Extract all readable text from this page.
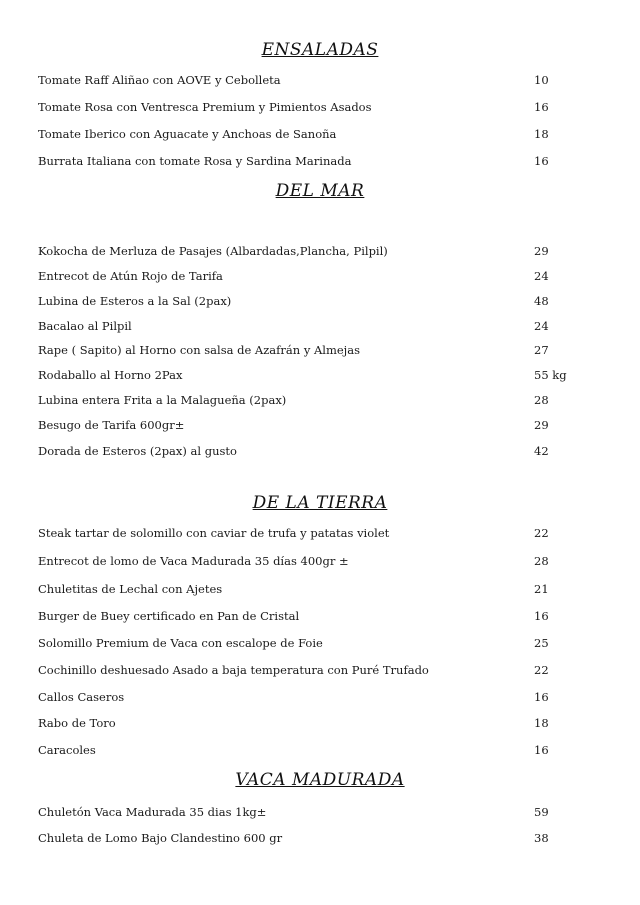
ENSALADAS
Tomate Raff Aliñao con AOVE y Cebolleta	10
Tomate Rosa con Ventresca Premium y Pimientos Asados	16
Tomate Iberico con Aguacate y Anchoas de Sanoña	18
Burrata Italiana con tomate Rosa y Sardina Marinada	16
DEL MAR
Kokocha de Merluza de Pasajes (Albardadas,Plancha, Pilpil)	29
Entrecot de Atún Rojo de Tarifa	24
Lubina de Esteros a la Sal (2pax)	48
Bacalao al Pilpil	24
Rape ( Sapito) al Horno con salsa de Azafrán y Almejas	27
Rodaballo al Horno 2Pax	55 kg
Lubina entera Frita a la Malagueña (2pax)	28
Besugo de Tarifa 600gr±	29
Dorada de Esteros (2pax) al gusto	42
DE LA TIERRA
Steak tartar de solomillo con caviar de trufa y patatas violet	22
Entrecot de lomo de Vaca Madurada 35 días 400gr ±	28
Chuletitas de Lechal con Ajetes	21
Burger de Buey certificado en Pan de Cristal	16
Solomillo Premium de Vaca con escalope de Foie	25
Cochinillo deshuesado Asado a baja temperatura con Puré Trufado	22
Callos Caseros	16
Rabo de Toro	18
Caracoles	16
VACA MADURADA
Chuletón Vaca Madurada 35 dias 1kg±	59
Chuleta de Lomo Bajo Clandestino 600 gr	38
